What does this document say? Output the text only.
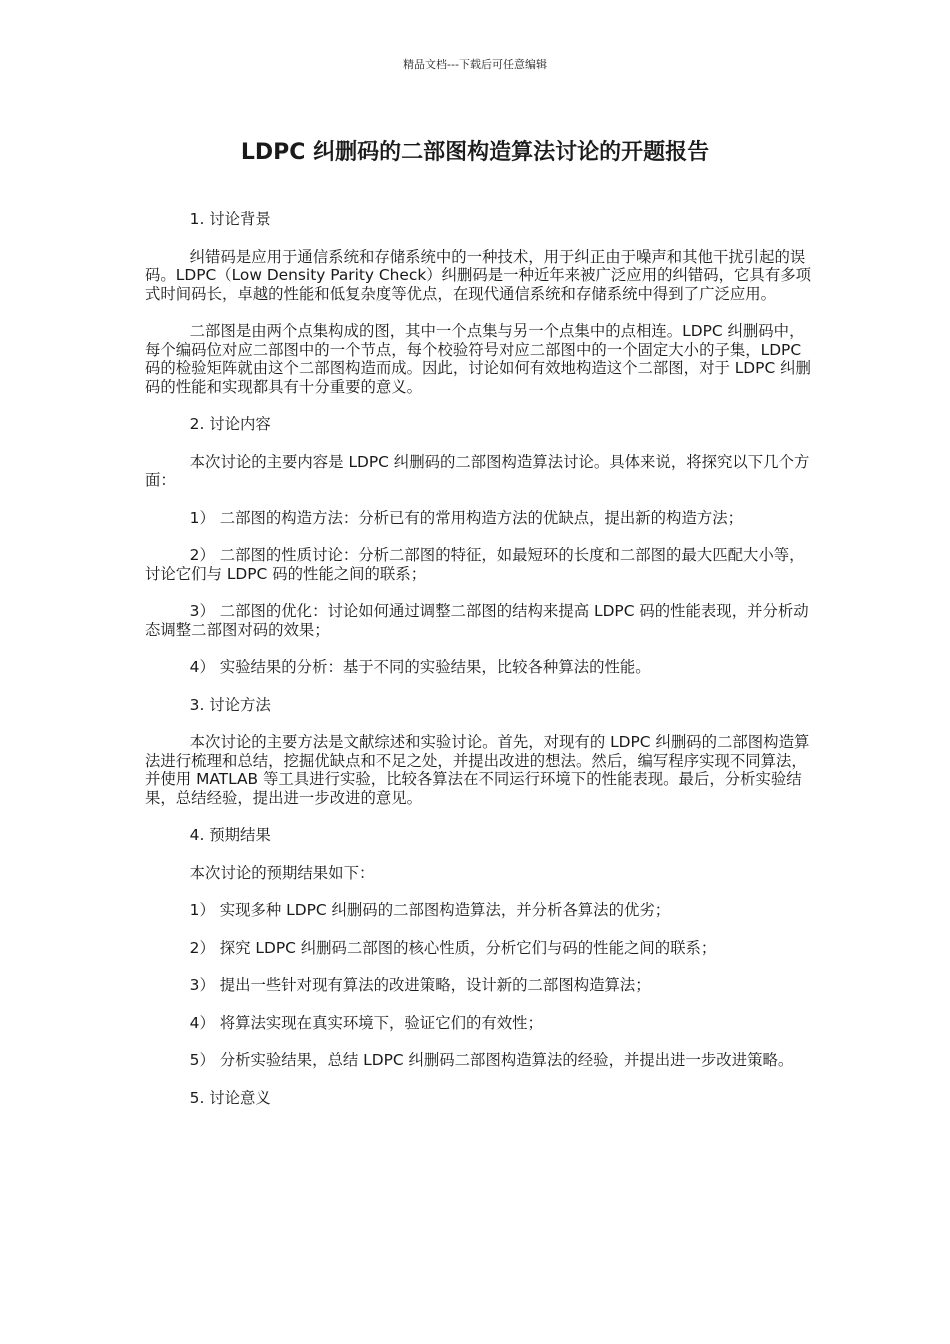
精品文档---下载后可任意编辑
LDPC 纠删码的二部图构造算法讨论的开题报告

1. 讨论背景

纠错码是应用于通信系统和存储系统中的一种技术，用于纠正由于噪声和其他干扰引起的误码。LDPC（Low Density Parity Check）纠删码是一种近年来被广泛应用的纠错码，它具有多项式时间码长，卓越的性能和低复杂度等优点，在现代通信系统和存储系统中得到了广泛应用。

二部图是由两个点集构成的图，其中一个点集与另一个点集中的点相连。LDPC 纠删码中，每个编码位对应二部图中的一个节点，每个校验符号对应二部图中的一个固定大小的子集，LDPC 码的检验矩阵就由这个二部图构造而成。因此，讨论如何有效地构造这个二部图，对于 LDPC 纠删码的性能和实现都具有十分重要的意义。

2. 讨论内容

本次讨论的主要内容是 LDPC 纠删码的二部图构造算法讨论。具体来说，将探究以下几个方面：

1） 二部图的构造方法：分析已有的常用构造方法的优缺点，提出新的构造方法；

2） 二部图的性质讨论：分析二部图的特征，如最短环的长度和二部图的最大匹配大小等，讨论它们与 LDPC 码的性能之间的联系；

3） 二部图的优化：讨论如何通过调整二部图的结构来提高 LDPC 码的性能表现，并分析动态调整二部图对码的效果；

4） 实验结果的分析：基于不同的实验结果，比较各种算法的性能。

3. 讨论方法

本次讨论的主要方法是文献综述和实验讨论。首先，对现有的 LDPC 纠删码的二部图构造算法进行梳理和总结，挖掘优缺点和不足之处，并提出改进的想法。然后，编写程序实现不同算法，并使用 MATLAB 等工具进行实验，比较各算法在不同运行环境下的性能表现。最后，分析实验结果，总结经验，提出进一步改进的意见。

4. 预期结果

本次讨论的预期结果如下：

1） 实现多种 LDPC 纠删码的二部图构造算法，并分析各算法的优劣；

2） 探究 LDPC 纠删码二部图的核心性质，分析它们与码的性能之间的联系；

3） 提出一些针对现有算法的改进策略，设计新的二部图构造算法；

4） 将算法实现在真实环境下，验证它们的有效性；

5） 分析实验结果，总结 LDPC 纠删码二部图构造算法的经验，并提出进一步改进策略。

5. 讨论意义
